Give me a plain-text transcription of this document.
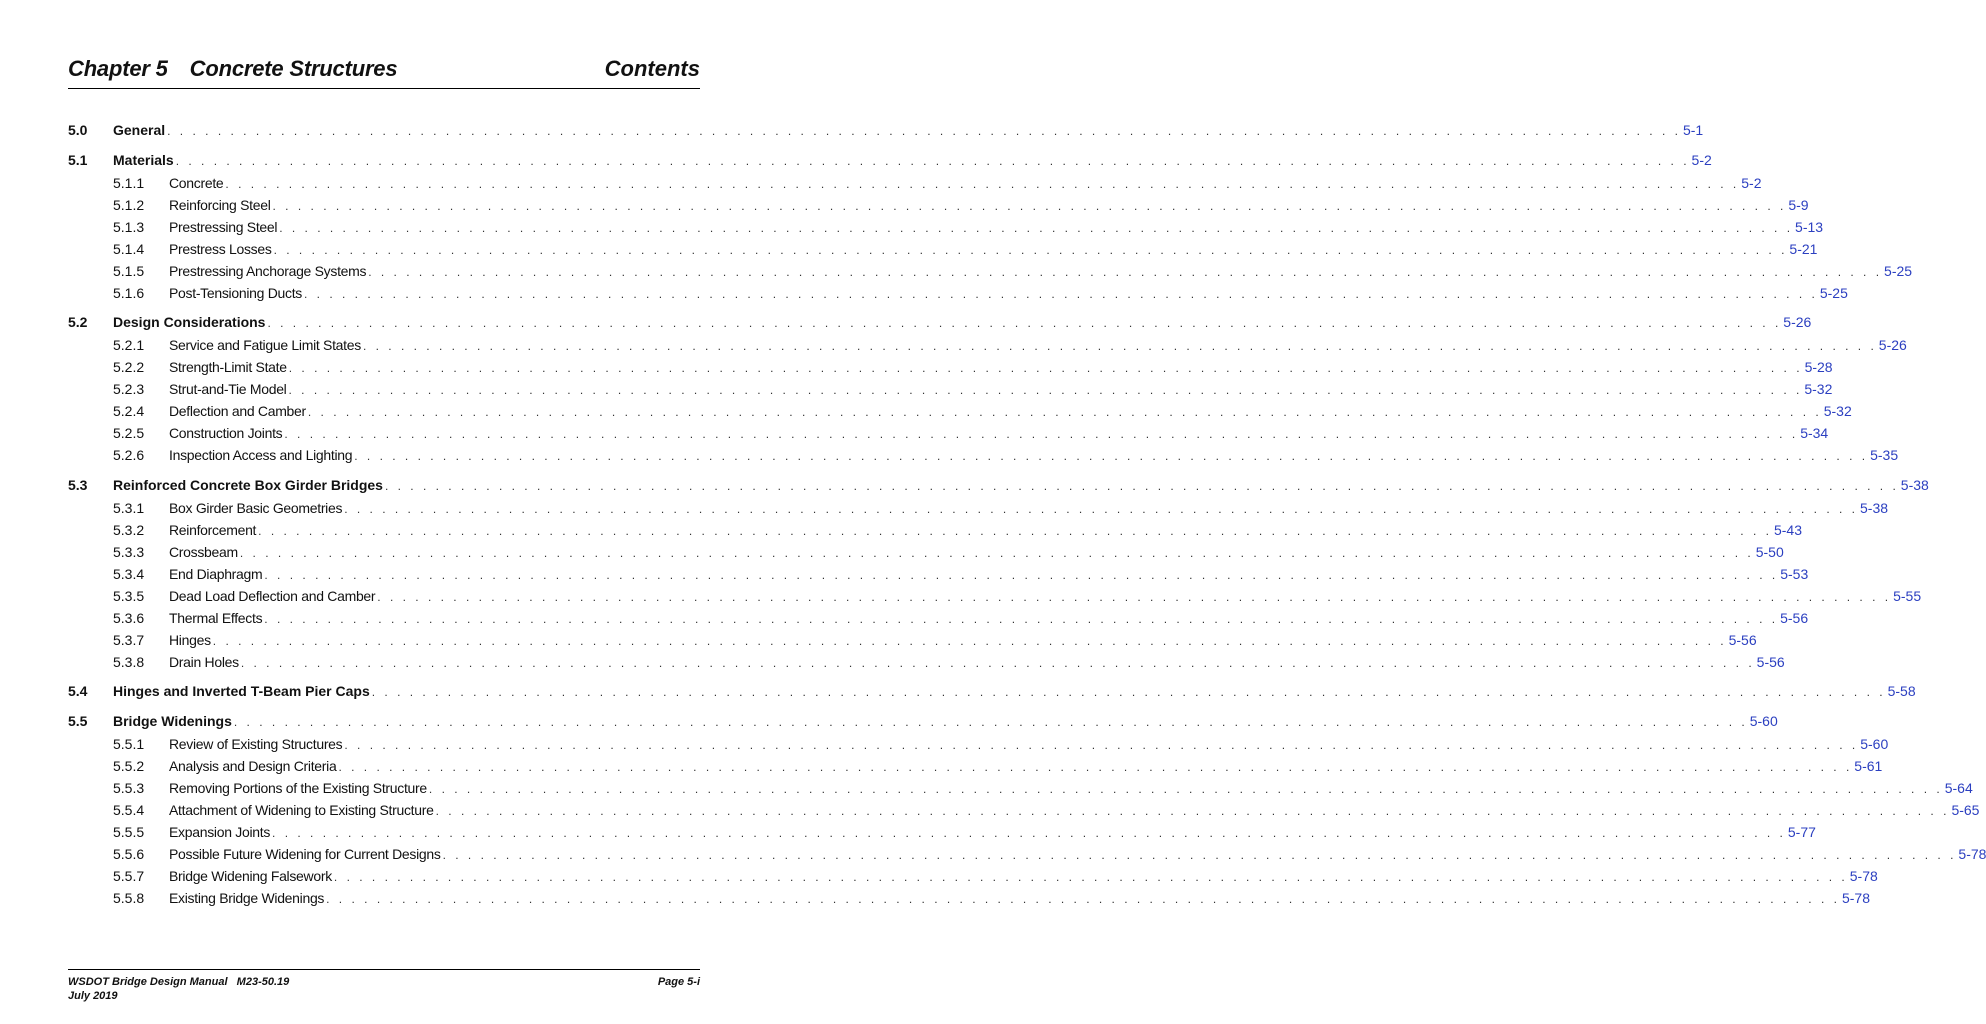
Chapter 5 Concrete Structures	Contents
5.0	General . . . . . . . . . . . . . . . . . . . . . . . . . . . . . . . . . . . . . . . . . . . . . . . . . . . . . . . . . . . . . . . . . . . . . . . . . . . . . . . . . . . . . . . . . . . . . . . . . . . . . . . . . . . . . . . . . . . . . . . . 5-1
5.1	Materials . . . . . . . . . . . . . . . . . . . . . . . . . . . . . . . . . . . . . . . . . . . . . . . . . . . . . . . . . . . . . . . . . . . . . . . . . . . . . . . . . . . . . . . . . . . . . . . . . . . . . . . . . . . . . . . . . . . . . . . . 5-2
5.1.1	Concrete . . . . . . . . . . . . . . . . . . . . . . . . . . . . . . . . . . . . . . . . . . . . . . . . . . . . . . . . . . . . . . . . . . . . . . . . . . . . . . . . . . . . . . . . . . . . . . . . . . . . . . . . . . . . . . . . . . . . . . . . 5-2
5.1.2	Reinforcing Steel . . . . . . . . . . . . . . . . . . . . . . . . . . . . . . . . . . . . . . . . . . . . . . . . . . . . . . . . . . . . . . . . . . . . . . . . . . . . . . . . . . . . . . . . . . . . . . . . . . . . . . . . . . . . . . . . . . . . . . . . 5-9
5.1.3	Prestressing Steel . . . . . . . . . . . . . . . . . . . . . . . . . . . . . . . . . . . . . . . . . . . . . . . . . . . . . . . . . . . . . . . . . . . . . . . . . . . . . . . . . . . . . . . . . . . . . . . . . . . . . . . . . . . . . . . . . . . . . . . . 5-13
5.1.4	Prestress Losses . . . . . . . . . . . . . . . . . . . . . . . . . . . . . . . . . . . . . . . . . . . . . . . . . . . . . . . . . . . . . . . . . . . . . . . . . . . . . . . . . . . . . . . . . . . . . . . . . . . . . . . . . . . . . . . . . . . . . . . . 5-21
5.1.5	Prestressing Anchorage Systems . . . . . . . . . . . . . . . . . . . . . . . . . . . . . . . . . . . . . . . . . . . . . . . . . . . . . . . . . . . . . . . . . . . . . . . . . . . . . . . . . . . . . . . . . . . . . . . . . . . . . . . . . . . . . . . . . . . . . . . . 5-25
5.1.6	Post-Tensioning Ducts . . . . . . . . . . . . . . . . . . . . . . . . . . . . . . . . . . . . . . . . . . . . . . . . . . . . . . . . . . . . . . . . . . . . . . . . . . . . . . . . . . . . . . . . . . . . . . . . . . . . . . . . . . . . . . . . . . . . . . . . 5-25
5.2	Design Considerations . . . . . . . . . . . . . . . . . . . . . . . . . . . . . . . . . . . . . . . . . . . . . . . . . . . . . . . . . . . . . . . . . . . . . . . . . . . . . . . . . . . . . . . . . . . . . . . . . . . . . . . . . . . . . . . . . . . . . . . . 5-26
5.2.1	Service and Fatigue Limit States . . . . . . . . . . . . . . . . . . . . . . . . . . . . . . . . . . . . . . . . . . . . . . . . . . . . . . . . . . . . . . . . . . . . . . . . . . . . . . . . . . . . . . . . . . . . . . . . . . . . . . . . . . . . . . . . . . . . . . . . 5-26
5.2.2	Strength-Limit State . . . . . . . . . . . . . . . . . . . . . . . . . . . . . . . . . . . . . . . . . . . . . . . . . . . . . . . . . . . . . . . . . . . . . . . . . . . . . . . . . . . . . . . . . . . . . . . . . . . . . . . . . . . . . . . . . . . . . . . . 5-28
5.2.3	Strut-and-Tie Model . . . . . . . . . . . . . . . . . . . . . . . . . . . . . . . . . . . . . . . . . . . . . . . . . . . . . . . . . . . . . . . . . . . . . . . . . . . . . . . . . . . . . . . . . . . . . . . . . . . . . . . . . . . . . . . . . . . . . . . . 5-32
5.2.4	Deflection and Camber . . . . . . . . . . . . . . . . . . . . . . . . . . . . . . . . . . . . . . . . . . . . . . . . . . . . . . . . . . . . . . . . . . . . . . . . . . . . . . . . . . . . . . . . . . . . . . . . . . . . . . . . . . . . . . . . . . . . . . . . 5-32
5.2.5	Construction Joints . . . . . . . . . . . . . . . . . . . . . . . . . . . . . . . . . . . . . . . . . . . . . . . . . . . . . . . . . . . . . . . . . . . . . . . . . . . . . . . . . . . . . . . . . . . . . . . . . . . . . . . . . . . . . . . . . . . . . . . . 5-34
5.2.6	Inspection Access and Lighting . . . . . . . . . . . . . . . . . . . . . . . . . . . . . . . . . . . . . . . . . . . . . . . . . . . . . . . . . . . . . . . . . . . . . . . . . . . . . . . . . . . . . . . . . . . . . . . . . . . . . . . . . . . . . . . . . . . . . . . . 5-35
5.3	Reinforced Concrete Box Girder Bridges . . . . . . . . . . . . . . . . . . . . . . . . . . . . . . . . . . . . . . . . . . . . . . . . . . . . . . . . . . . . . . . . . . . . . . . . . . . . . . . . . . . . . . . . . . . . . . . . . . . . . . . . . . . . . . . . . . . . . . . . 5-38
5.3.1	Box Girder Basic Geometries . . . . . . . . . . . . . . . . . . . . . . . . . . . . . . . . . . . . . . . . . . . . . . . . . . . . . . . . . . . . . . . . . . . . . . . . . . . . . . . . . . . . . . . . . . . . . . . . . . . . . . . . . . . . . . . . . . . . . . . . 5-38
5.3.2	Reinforcement . . . . . . . . . . . . . . . . . . . . . . . . . . . . . . . . . . . . . . . . . . . . . . . . . . . . . . . . . . . . . . . . . . . . . . . . . . . . . . . . . . . . . . . . . . . . . . . . . . . . . . . . . . . . . . . . . . . . . . . . 5-43
5.3.3	Crossbeam . . . . . . . . . . . . . . . . . . . . . . . . . . . . . . . . . . . . . . . . . . . . . . . . . . . . . . . . . . . . . . . . . . . . . . . . . . . . . . . . . . . . . . . . . . . . . . . . . . . . . . . . . . . . . . . . . . . . . . . . 5-50
5.3.4	End Diaphragm . . . . . . . . . . . . . . . . . . . . . . . . . . . . . . . . . . . . . . . . . . . . . . . . . . . . . . . . . . . . . . . . . . . . . . . . . . . . . . . . . . . . . . . . . . . . . . . . . . . . . . . . . . . . . . . . . . . . . . . . 5-53
5.3.5	Dead Load Deflection and Camber . . . . . . . . . . . . . . . . . . . . . . . . . . . . . . . . . . . . . . . . . . . . . . . . . . . . . . . . . . . . . . . . . . . . . . . . . . . . . . . . . . . . . . . . . . . . . . . . . . . . . . . . . . . . . . . . . . . . . . . . 5-55
5.3.6	Thermal Effects . . . . . . . . . . . . . . . . . . . . . . . . . . . . . . . . . . . . . . . . . . . . . . . . . . . . . . . . . . . . . . . . . . . . . . . . . . . . . . . . . . . . . . . . . . . . . . . . . . . . . . . . . . . . . . . . . . . . . . . . 5-56
5.3.7	Hinges . . . . . . . . . . . . . . . . . . . . . . . . . . . . . . . . . . . . . . . . . . . . . . . . . . . . . . . . . . . . . . . . . . . . . . . . . . . . . . . . . . . . . . . . . . . . . . . . . . . . . . . . . . . . . . . . . . . . . . . . 5-56
5.3.8	Drain Holes . . . . . . . . . . . . . . . . . . . . . . . . . . . . . . . . . . . . . . . . . . . . . . . . . . . . . . . . . . . . . . . . . . . . . . . . . . . . . . . . . . . . . . . . . . . . . . . . . . . . . . . . . . . . . . . . . . . . . . . . 5-56
5.4	Hinges and Inverted T-Beam Pier Caps . . . . . . . . . . . . . . . . . . . . . . . . . . . . . . . . . . . . . . . . . . . . . . . . . . . . . . . . . . . . . . . . . . . . . . . . . . . . . . . . . . . . . . . . . . . . . . . . . . . . . . . . . . . . . . . . . . . . . . . . 5-58
5.5	Bridge Widenings . . . . . . . . . . . . . . . . . . . . . . . . . . . . . . . . . . . . . . . . . . . . . . . . . . . . . . . . . . . . . . . . . . . . . . . . . . . . . . . . . . . . . . . . . . . . . . . . . . . . . . . . . . . . . . . . . . . . . . . . 5-60
5.5.1	Review of Existing Structures . . . . . . . . . . . . . . . . . . . . . . . . . . . . . . . . . . . . . . . . . . . . . . . . . . . . . . . . . . . . . . . . . . . . . . . . . . . . . . . . . . . . . . . . . . . . . . . . . . . . . . . . . . . . . . . . . . . . . . . . 5-60
5.5.2	Analysis and Design Criteria . . . . . . . . . . . . . . . . . . . . . . . . . . . . . . . . . . . . . . . . . . . . . . . . . . . . . . . . . . . . . . . . . . . . . . . . . . . . . . . . . . . . . . . . . . . . . . . . . . . . . . . . . . . . . . . . . . . . . . . . 5-61
5.5.3	Removing Portions of the Existing Structure . . . . . . . . . . . . . . . . . . . . . . . . . . . . . . . . . . . . . . . . . . . . . . . . . . . . . . . . . . . . . . . . . . . . . . . . . . . . . . . . . . . . . . . . . . . . . . . . . . . . . . . . . . . . . . . . . . . . . . . . 5-64
5.5.4	Attachment of Widening to Existing Structure . . . . . . . . . . . . . . . . . . . . . . . . . . . . . . . . . . . . . . . . . . . . . . . . . . . . . . . . . . . . . . . . . . . . . . . . . . . . . . . . . . . . . . . . . . . . . . . . . . . . . . . . . . . . . . . . . . . . . . . . 5-65
5.5.5	Expansion Joints . . . . . . . . . . . . . . . . . . . . . . . . . . . . . . . . . . . . . . . . . . . . . . . . . . . . . . . . . . . . . . . . . . . . . . . . . . . . . . . . . . . . . . . . . . . . . . . . . . . . . . . . . . . . . . . . . . . . . . . . 5-77
5.5.6	Possible Future Widening for Current Designs . . . . . . . . . . . . . . . . . . . . . . . . . . . . . . . . . . . . . . . . . . . . . . . . . . . . . . . . . . . . . . . . . . . . . . . . . . . . . . . . . . . . . . . . . . . . . . . . . . . . . . . . . . . . . . . . . . . . . . . . 5-78
5.5.7	Bridge Widening Falsework . . . . . . . . . . . . . . . . . . . . . . . . . . . . . . . . . . . . . . . . . . . . . . . . . . . . . . . . . . . . . . . . . . . . . . . . . . . . . . . . . . . . . . . . . . . . . . . . . . . . . . . . . . . . . . . . . . . . . . . . 5-78
5.5.8	Existing Bridge Widenings . . . . . . . . . . . . . . . . . . . . . . . . . . . . . . . . . . . . . . . . . . . . . . . . . . . . . . . . . . . . . . . . . . . . . . . . . . . . . . . . . . . . . . . . . . . . . . . . . . . . . . . . . . . . . . . . . . . . . . . . 5-78
WSDOT Bridge Design Manual   M23-50.19
July 2019
Page 5-i
